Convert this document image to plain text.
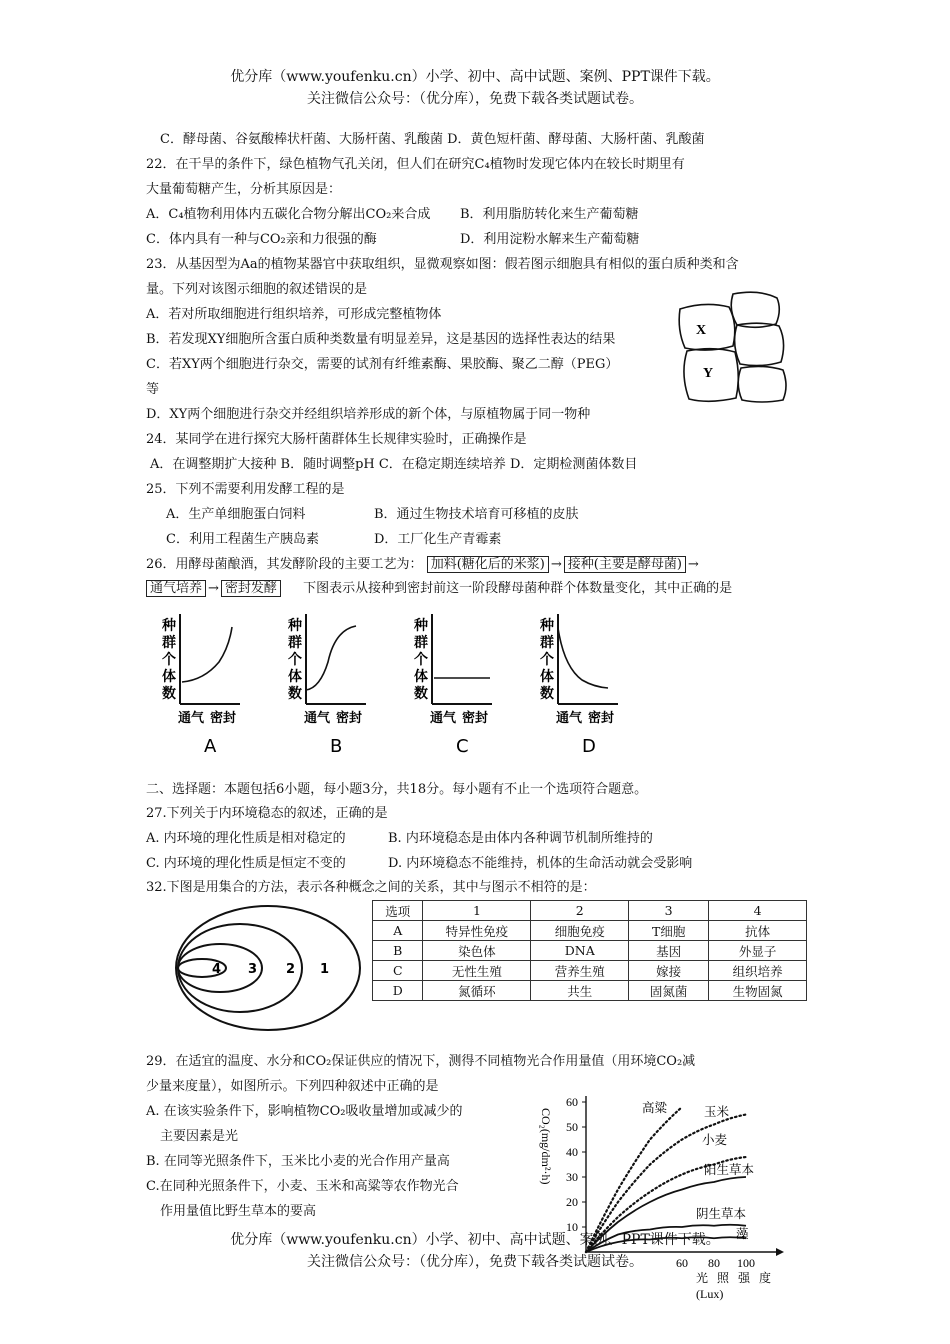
优分库（www.youfenku.cn）小学、初中、高中试题、案例、PPT课件下载。
关注微信公众号：（优分库），免费下载各类试题试卷。
C．酵母菌、谷氨酸棒状杆菌、大肠杆菌、乳酸菌 D．黄色短杆菌、酵母菌、大肠杆菌、乳酸菌
22．在干旱的条件下，绿色植物气孔关闭，但人们在研究C₄植物时发现它体内在较长时期里有
大量葡萄糖产生，分析其原因是：
A．C₄植物利用体内五碳化合物分解出CO₂来合成 B．利用脂肪转化来生产葡萄糖
C．体内具有一种与CO₂亲和力很强的酶	D．利用淀粉水解来生产葡萄糖
23．从基因型为Aa的植物某器官中获取组织，显微观察如图：假若图示细胞具有相似的蛋白质种类和含
量。下列对该图示细胞的叙述错误的是
A．若对所取细胞进行组织培养，可形成完整植物体
B．若发现XY细胞所含蛋白质种类数量有明显差异，这是基因的选择性表达的结果
C．若XY两个细胞进行杂交，需要的试剂有纤维素酶、果胶酶、聚乙二醇（PEG）
等
D．XY两个细胞进行杂交并经组织培养形成的新个体，与原植物属于同一物种
X
Y
24．某同学在进行探究大肠杆菌群体生长规律实验时，正确操作是
A．在调整期扩大接种 B．随时调整pH C．在稳定期连续培养 D．定期检测菌体数目
25．下列不需要利用发酵工程的是
A．生产单细胞蛋白饲料	B．通过生物技术培育可移植的皮肤
C．利用工程菌生产胰岛素	D．工厂化生产青霉素
26．用酵母菌酿酒，其发酵阶段的主要工艺为： 加料(糖化后的米浆) → 接种(主要是酵母菌) →
通气培养 → 密封发酵 下图表示从接种到密封前这一阶段酵母菌种群个体数量变化，其中正确的是
种
群
个
体
数
通气 密封
A
种
群
个
体
数
通气 密封
B
种
群
个
体
数
通气 密封
C
种
群
个
体
数
通气 密封
D
二、选择题：本题包括6小题，每小题3分，共18分。每小题有不止一个选项符合题意。
27.下列关于内环境稳态的叙述，正确的是
A. 内环境的理化性质是相对稳定的	B. 内环境稳态是由体内各种调节机制所维持的
C. 内环境的理化性质是恒定不变的	D. 内环境稳态不能维持，机体的生命活动就会受影响
32.下图是用集合的方法，表示各种概念之间的关系，其中与图示不相符的是：
4 3 2 1
选项	1	2	3	4
A	特异性免疫	细胞免疫	T细胞	抗体
B	染色体	DNA	基因	外显子
C	无性生殖	营养生殖	嫁接	组织培养
D	氮循环	共生	固氮菌	生物固氮
29．在适宜的温度、水分和CO₂保证供应的情况下，测得不同植物光合作用量值（用环境CO₂减
少量来度量），如图所示。下列四种叙述中正确的是
A. 在该实验条件下，影响植物CO₂吸收量增加或减少的
主要因素是光
B. 在同等光照条件下，玉米比小麦的光合作用产量高
C.在同种光照条件下，小麦、玉米和高粱等农作物光合
作用量值比野生草本的要高
60
50
40
30
20
10
60 80 100
CO₂(mg/dm²·h)
光 照 强 度
(Lux)
高粱	玉米
小麦
阳生草本
阴生草本
藻
优分库（www.youfenku.cn）小学、初中、高中试题、案例、PPT课件下载。
关注微信公众号：（优分库），免费下载各类试题试卷。
